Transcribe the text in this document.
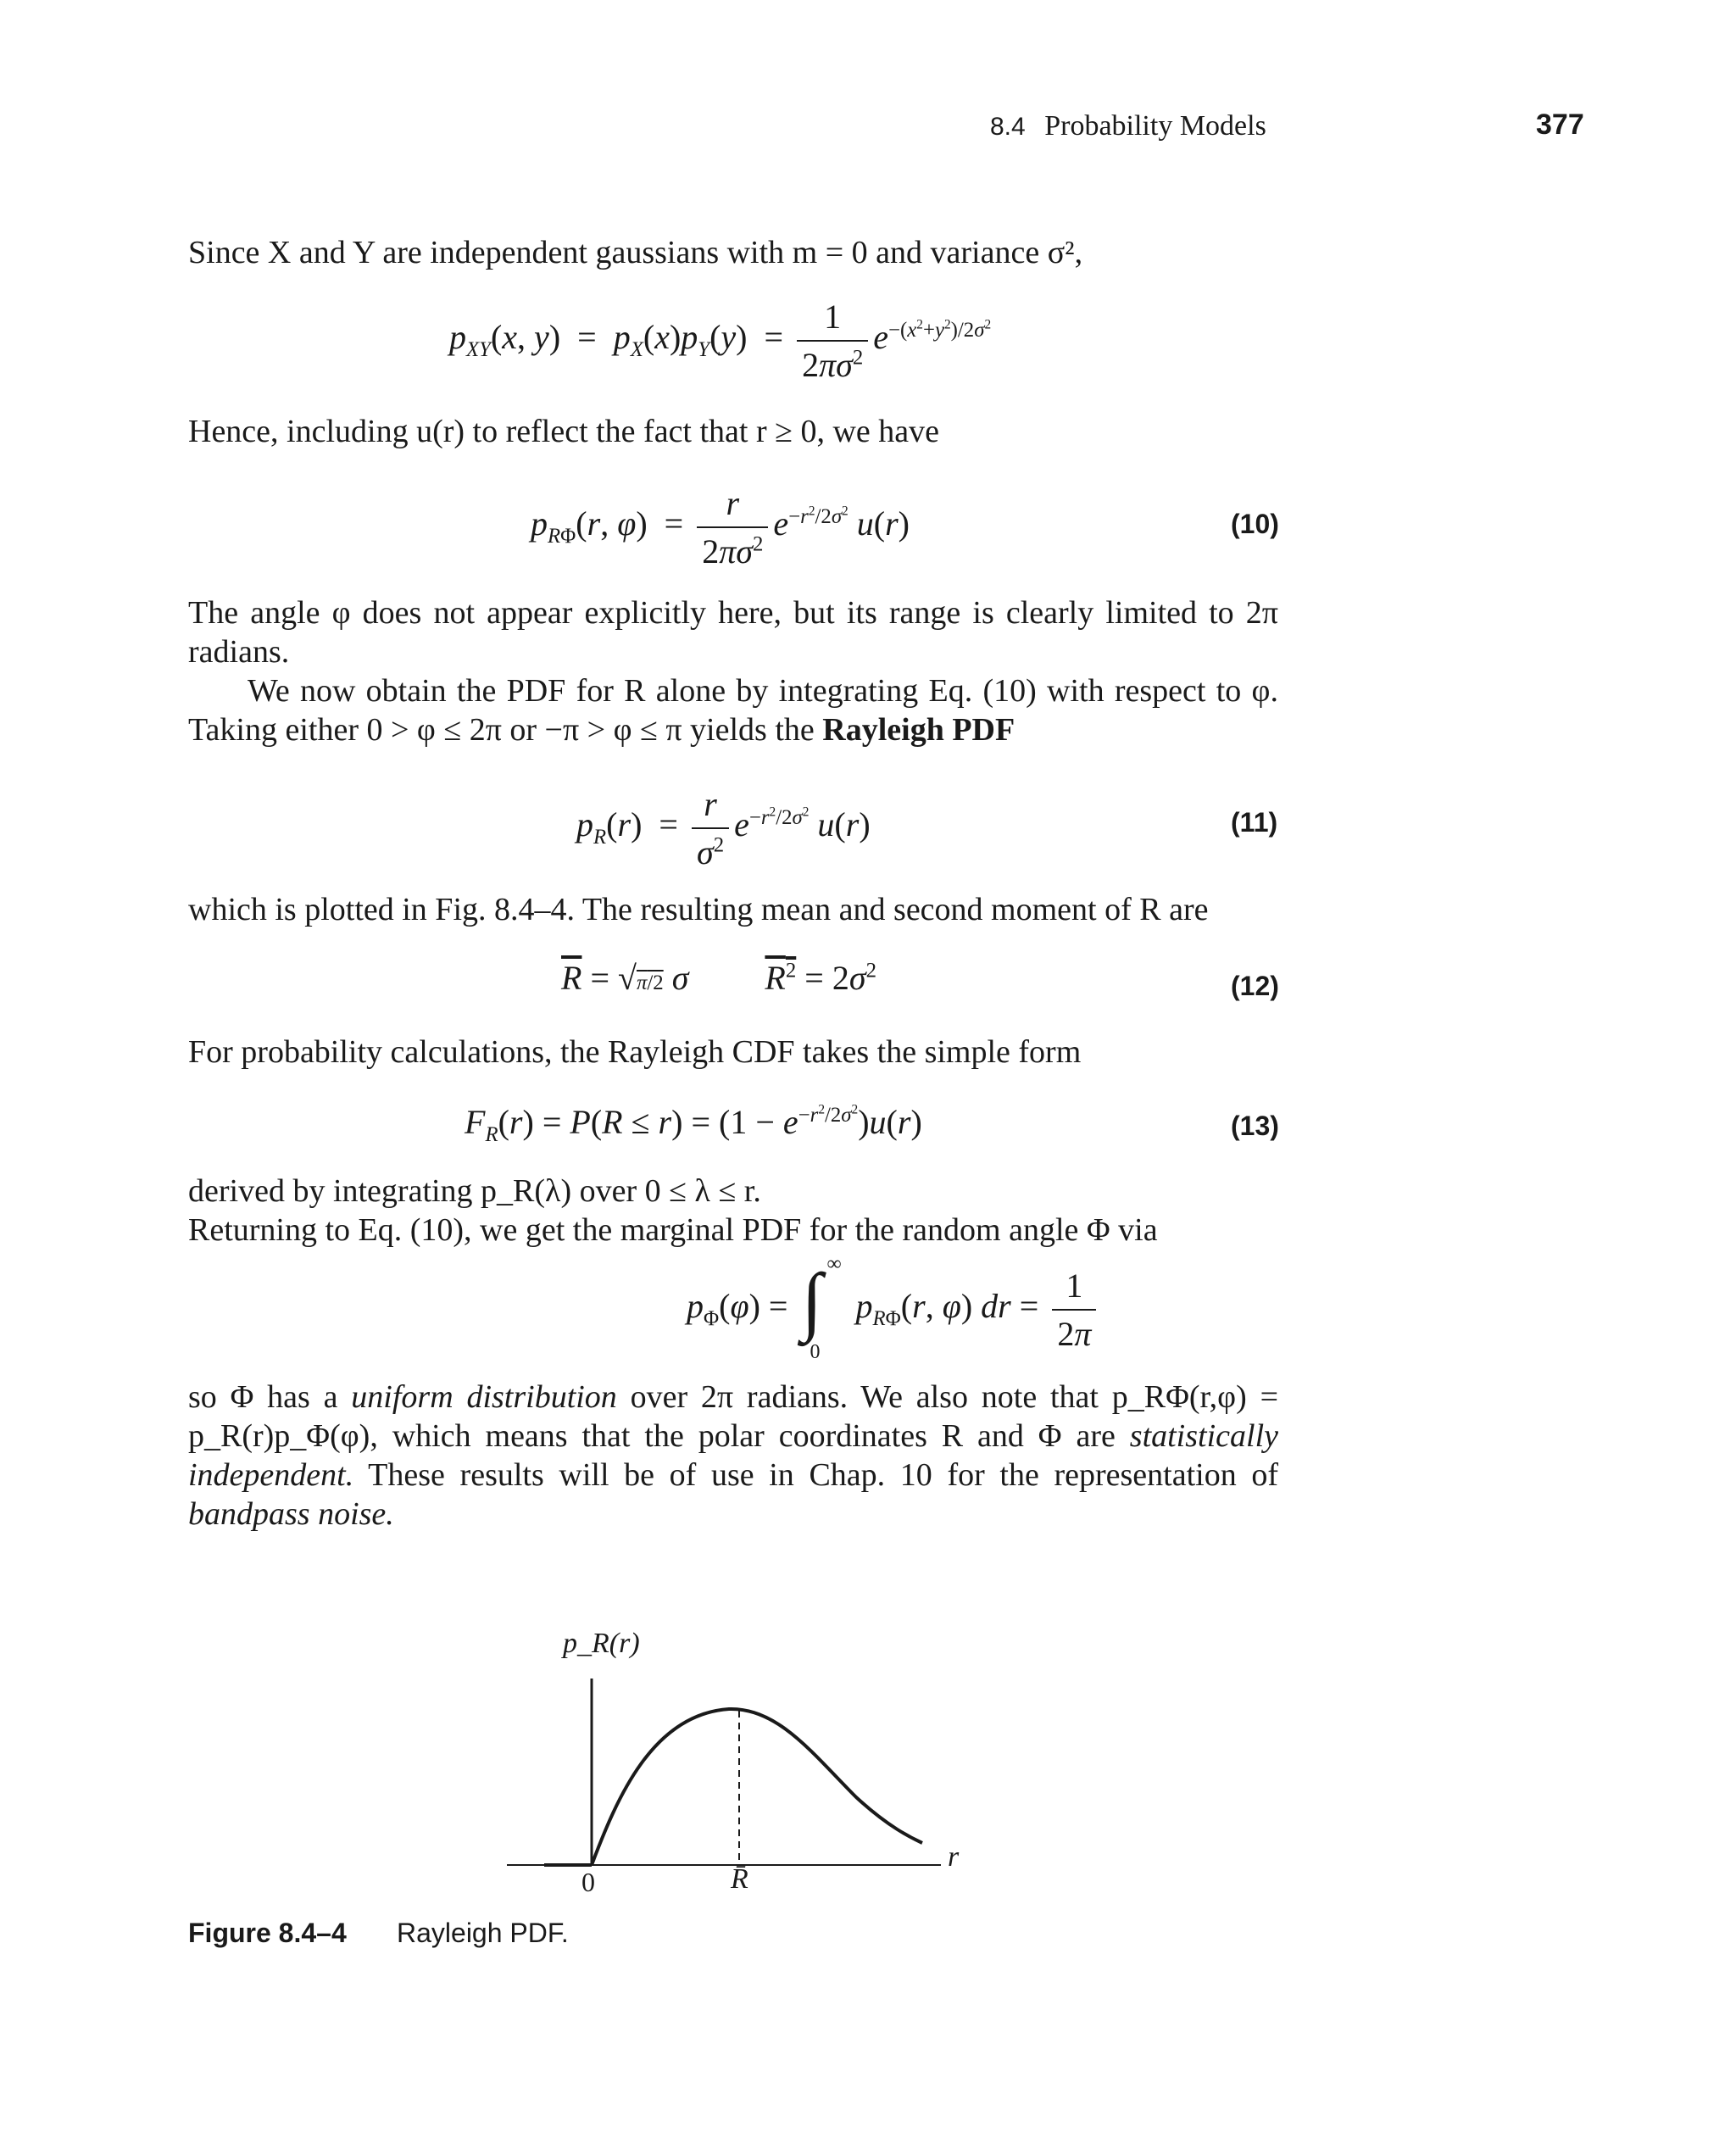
8.4 Probability Models	377
Since X and Y are independent gaussians with m = 0 and variance σ²,
$p_{XY}(x$, $y) = p_X(x)p_Y(y) = \frac{1}{2\pi\sigma^2} e^{-(x^2+y^2)/2\sigma^2}$
Hence, including u(r) to reflect the fact that r ≥ 0, we have
$p_{R\Phi}(r$, $\varphi) = \frac{r}{2\pi\sigma^2} e^{-r^2/2\sigma^2}$ u(r)	(10)
The angle φ does not appear explicitly here, but its range is clearly limited to 2π radians.
We now obtain the PDF for R alone by integrating Eq. (10) with respect to φ. Taking either 0 > φ ≤ 2π or −π > φ ≤ π yields the Rayleigh PDF
$p_R(r) = \frac{r}{\sigma^2} e^{-r^2/2\sigma^2}$ u(r)	(11)
which is plotted in Fig. 8.4–4. The resulting mean and second moment of R are
$\overline{R} = √\pi/2$ σ $R^2 = 2\sigma^2$	(12)
For probability calculations, the Rayleigh CDF takes the simple form
$F_R(r) = P(R \le r) = (1 - e^{-r^2/2\sigma^2})u(r)$	(13)
derived by integrating p_R(λ) over 0 ≤ λ ≤ r.
Returning to Eq. (10), we get the marginal PDF for the random angle Φ via
$p_\Phi(\varphi)$ = ∫ ∞
0
$p_{R\Phi}(r$, φ) dr = $\frac{1}{2\pi}$
so Φ has a uniform distribution over 2π radians. We also note that p_RΦ(r,φ) = p_R(r)p_Φ(φ), which means that the polar coordinates R and Φ are statistically independent. These results will be of use in Chap. 10 for the representation of bandpass noise.
p_R(r)
r
0	R̄
Figure 8.4–4 Rayleigh PDF.
